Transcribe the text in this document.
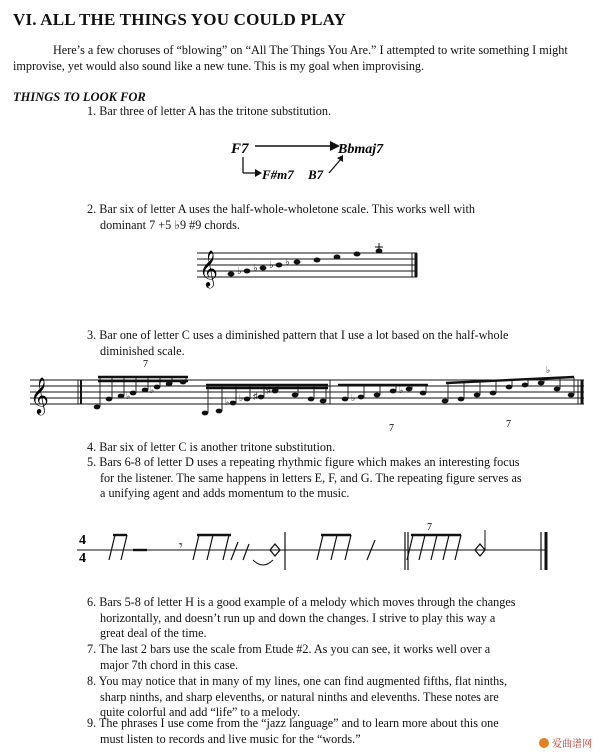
VI. ALL THE THINGS YOU COULD PLAY
Here’s a few choruses of “blowing” on “All The Things You Are.” I attempted to write something I might improvise, yet would also sound like a new tune. This is my goal when improvising.
THINGS TO LOOK FOR
1. Bar three of letter A has the tritone substitution.
F7	Bbmaj7
F#m7 B7
2. Bar six of letter A uses the half-whole-wholetone scale. This works well with
dominant 7 +5 ♭9 #9 chords.
𝄞 ♭ ♭ ♭ ♭
3. Bar one of letter C uses a diminished pattern that I use a lot based on the half-whole
diminished scale.
𝄞	♭
♭
♭ ♭ ♯
♯
♭
♭
♭
7
7	7
4. Bar six of letter C is another tritone substitution.
5. Bars 6-8 of letter D uses a repeating rhythmic figure which makes an interesting focus
for the listener. The same happens in letters E, F, and G. The repeating figure serves as
a unifying agent and adds momentum to the music.
4
4
𝄾
7
6. Bars 5-8 of letter H is a good example of a melody which moves through the changes
horizontally, and doesn’t run up and down the changes. I strive to play this way a
great deal of the time.
7. The last 2 bars use the scale from Etude #2. As you can see, it works well over a
major 7th chord in this case.
8. You may notice that in many of my lines, one can find augmented fifths, flat ninths,
sharp ninths, and sharp elevenths, or natural ninths and elevenths. These notes are
quite colorful and add “life” to a melody.
9. The phrases I use come from the “jazz language” and to learn more about this one
must listen to records and live music for the “words.”	爱曲谱网
